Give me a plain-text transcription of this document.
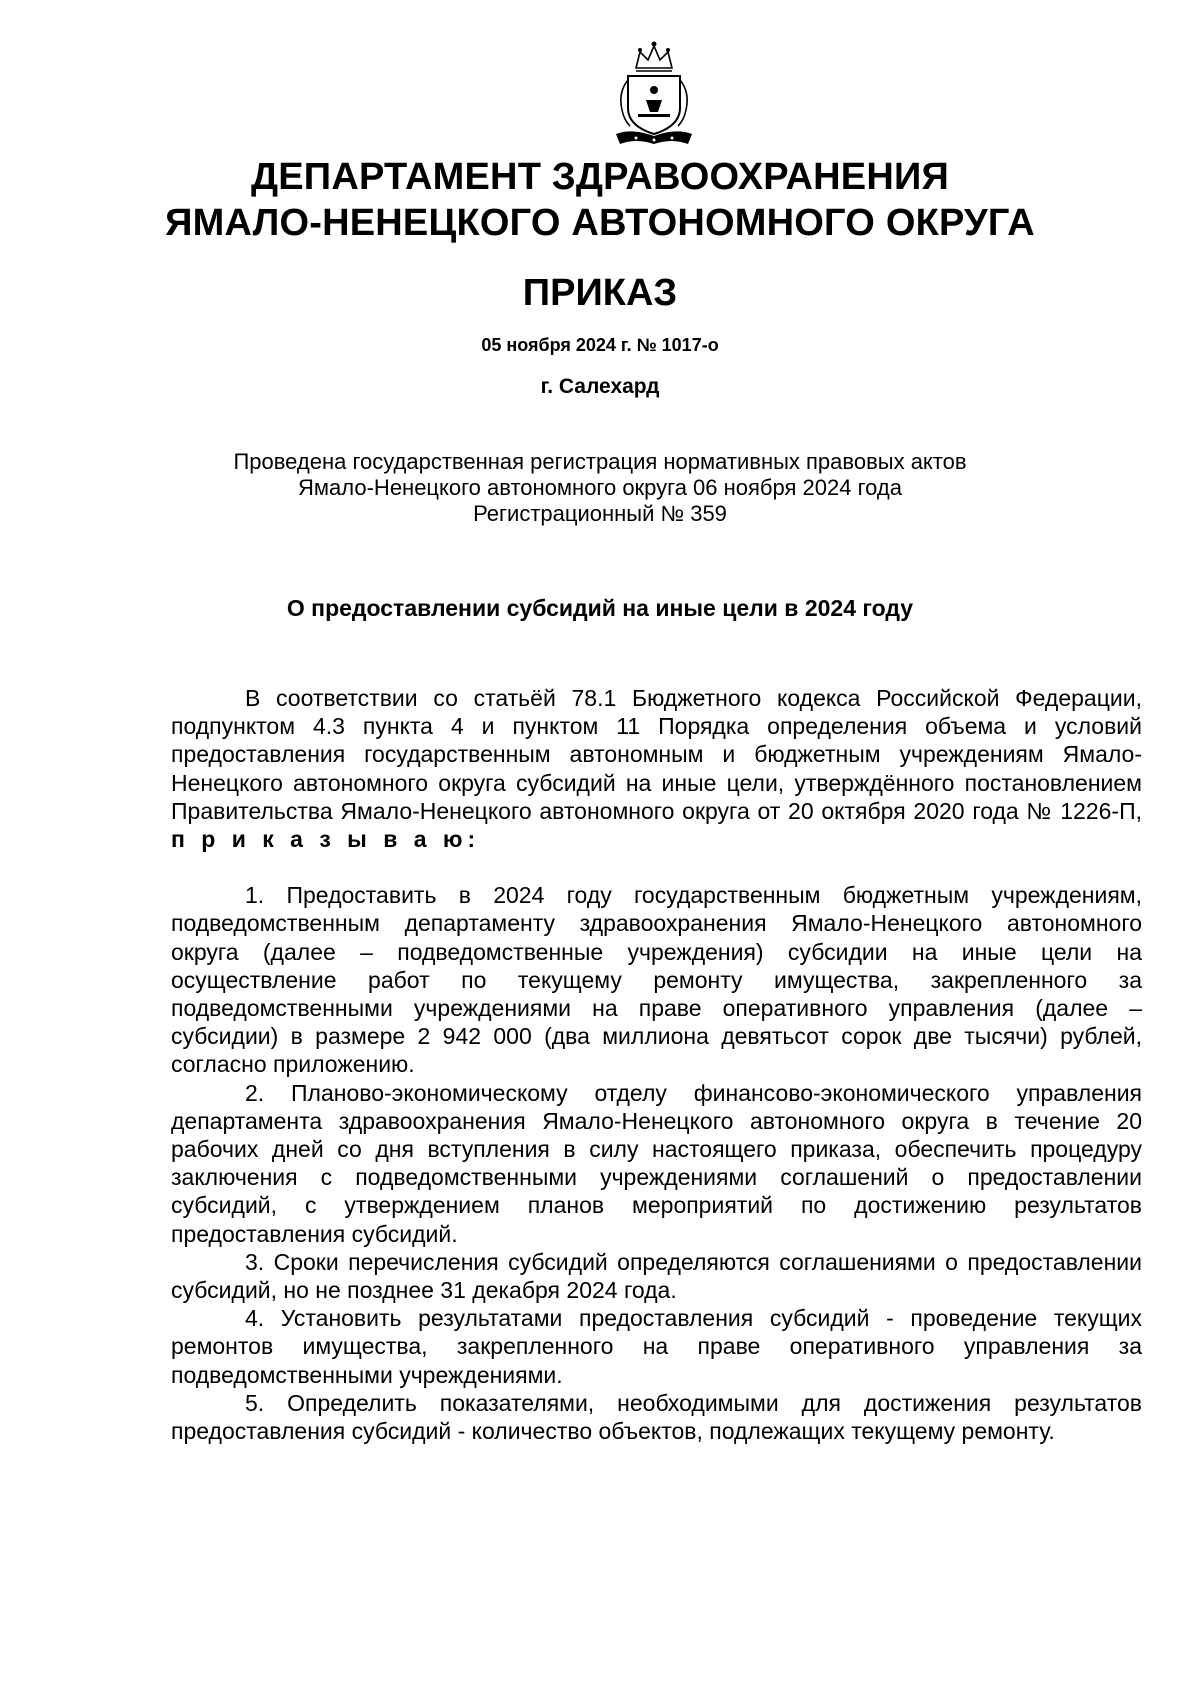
ДЕПАРТАМЕНТ ЗДРАВООХРАНЕНИЯ
ЯМАЛО-НЕНЕЦКОГО АВТОНОМНОГО ОКРУГА
ПРИКАЗ
05 ноября 2024 г. № 1017-о
г. Салехард
Проведена государственная регистрация нормативных правовых актов
Ямало-Ненецкого автономного округа 06 ноября 2024 года
Регистрационный № 359
О предоставлении субсидий на иные цели в 2024 году

В соответствии со статьёй 78.1 Бюджетного кодекса Российской Федерации, подпунктом 4.3 пункта 4 и пунктом 11 Порядка определения объема и условий предоставления государственным автономным и бюджетным учреждениям Ямало-Ненецкого автономного округа субсидий на иные цели, утверждённого постановлением Правительства Ямало-Ненецкого автономного округа от 20 октября 2020 года № 1226-П, п р и к а з ы в а ю:

1. Предоставить в 2024 году государственным бюджетным учреждениям, подведомственным департаменту здравоохранения Ямало-Ненецкого автономного округа (далее – подведомственные учреждения) субсидии на иные цели на осуществление работ по текущему ремонту имущества, закрепленного за подведомственными учреждениями на праве оперативного управления (далее – субсидии) в размере 2 942 000 (два миллиона девятьсот сорок две тысячи) рублей, согласно приложению.

2. Планово-экономическому отделу финансово-экономического управления департамента здравоохранения Ямало-Ненецкого автономного округа в течение 20 рабочих дней со дня вступления в силу настоящего приказа, обеспечить процедуру заключения с подведомственными учреждениями соглашений о предоставлении субсидий, с утверждением планов мероприятий по достижению результатов предоставления субсидий.

3. Сроки перечисления субсидий определяются соглашениями о предоставлении субсидий, но не позднее 31 декабря 2024 года.

4. Установить результатами предоставления субсидий - проведение текущих ремонтов имущества, закрепленного на праве оперативного управления за подведомственными учреждениями.

5. Определить показателями, необходимыми для достижения результатов предоставления субсидий - количество объектов, подлежащих текущему ремонту.
